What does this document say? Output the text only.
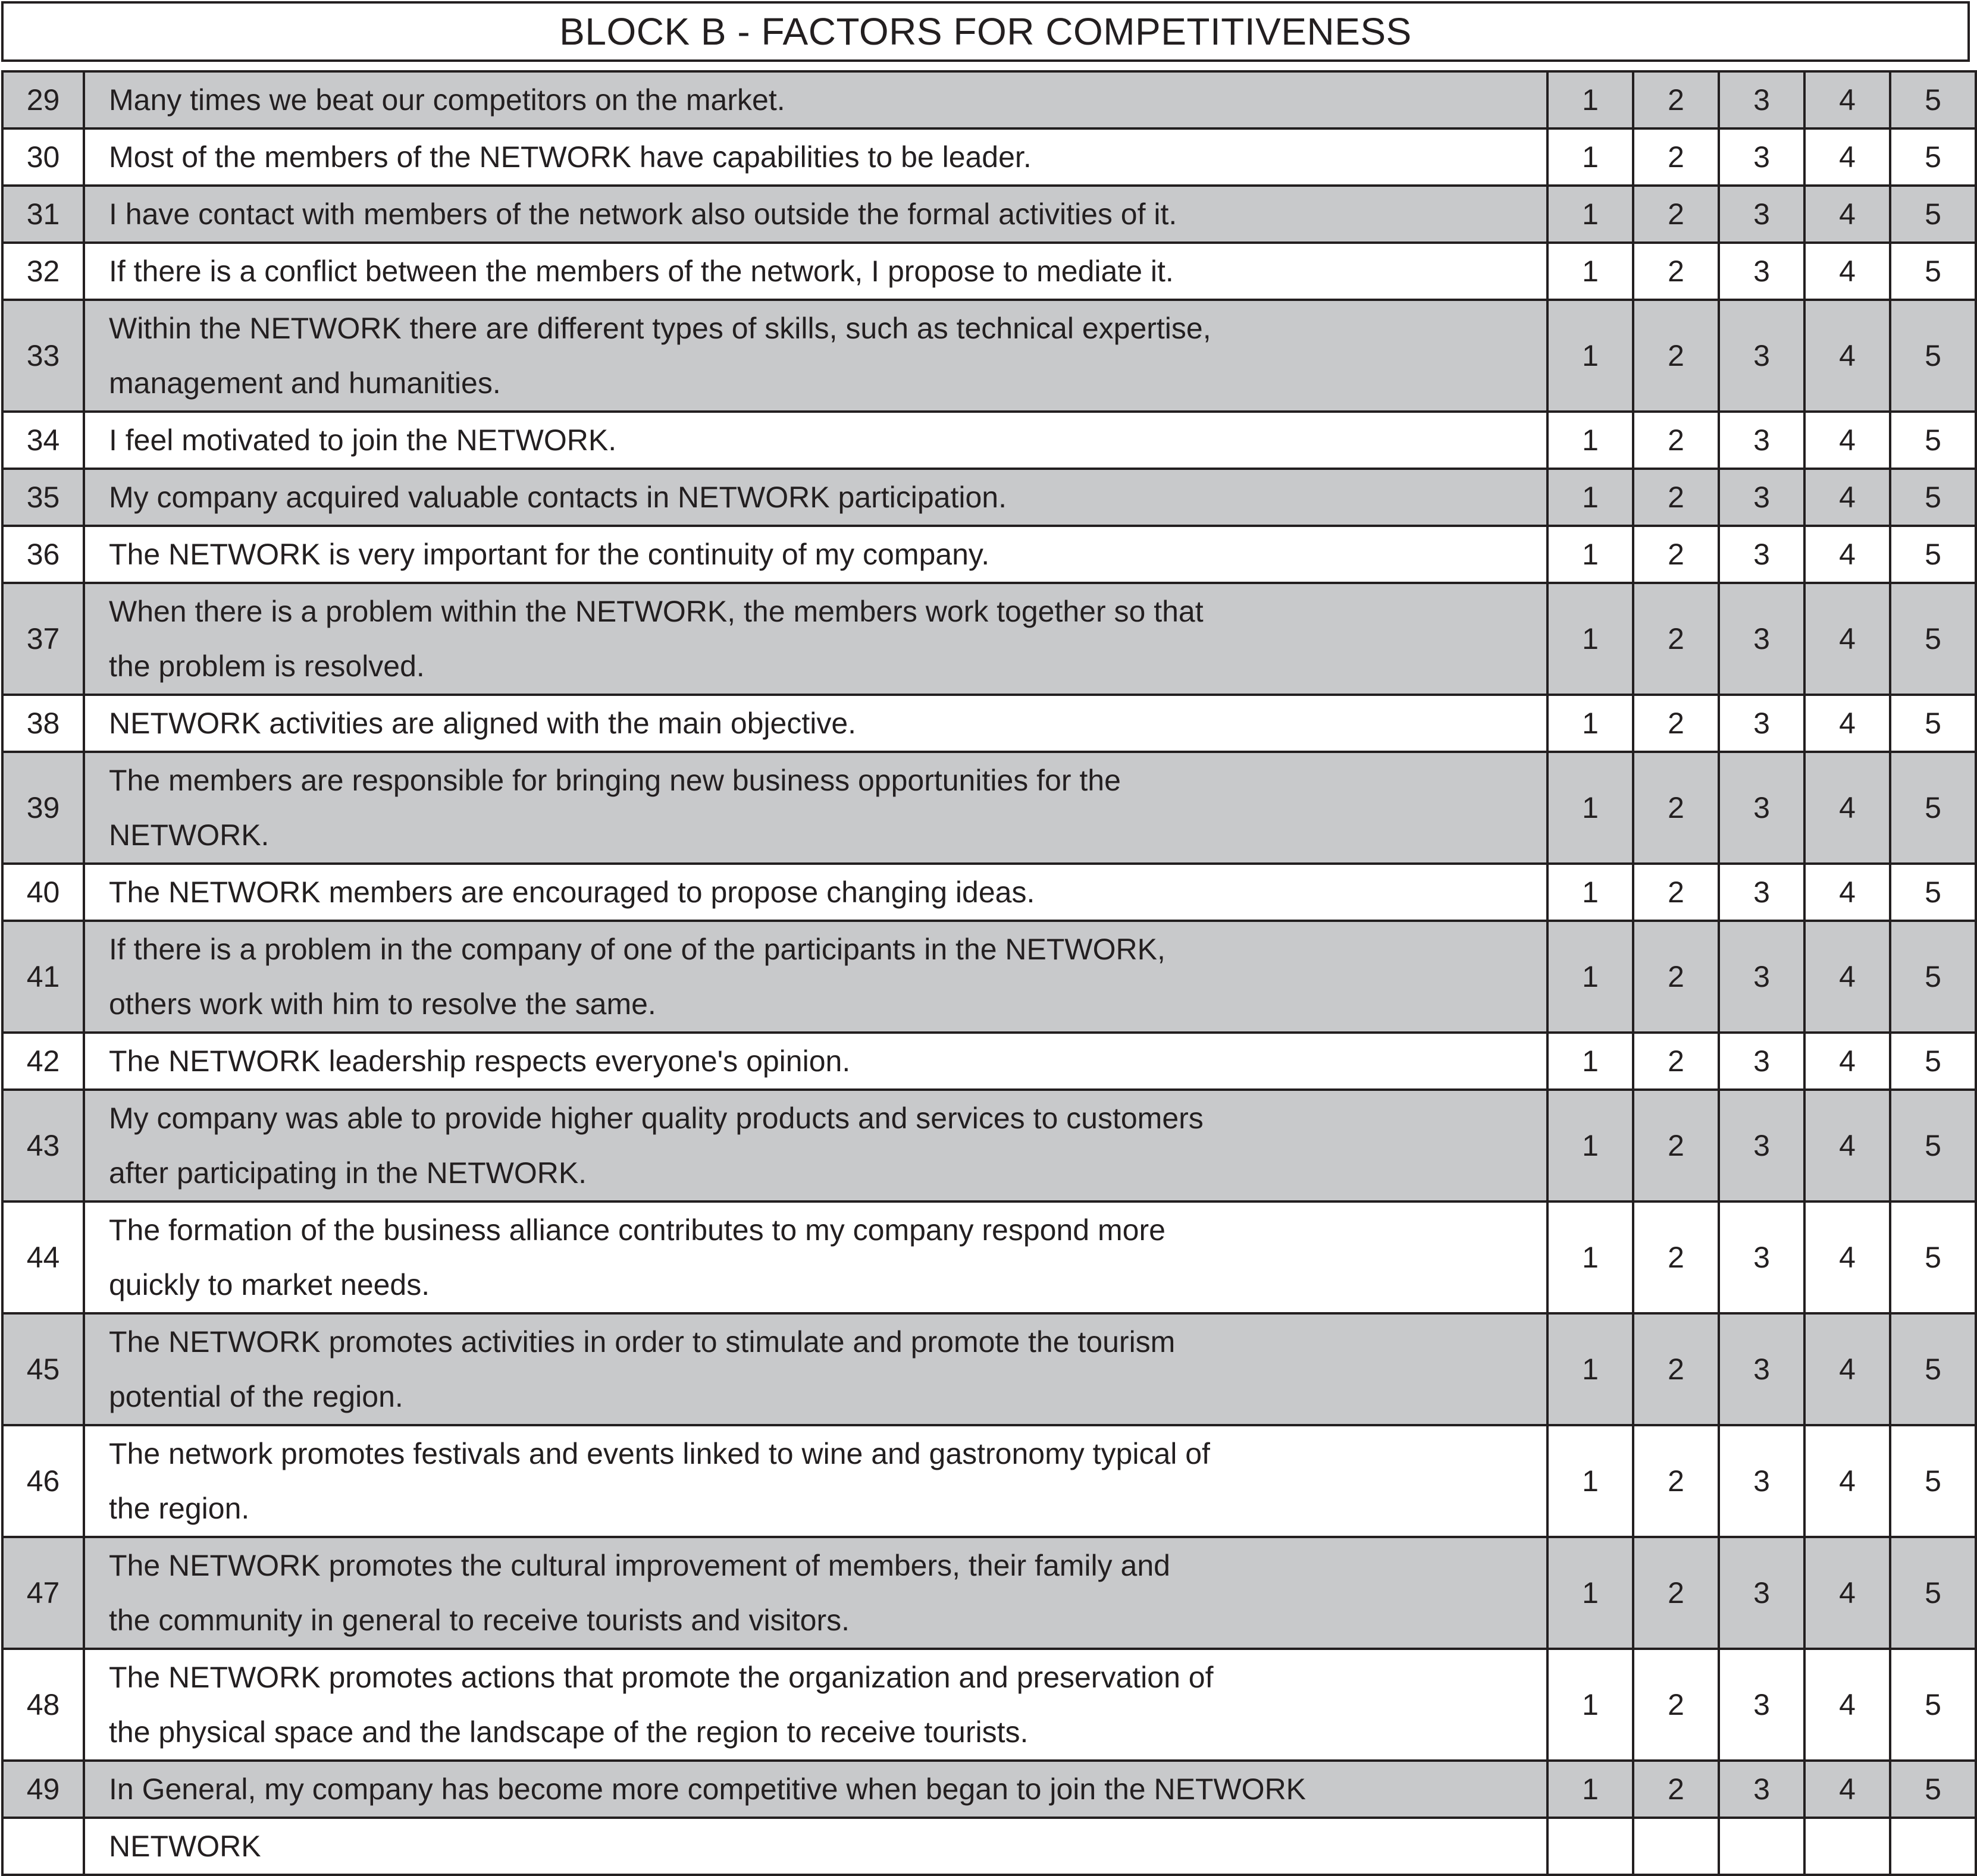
BLOCK B - FACTORS FOR COMPETITIVENESS
29	Many times we beat our competitors on the market.	1	2	3	4	5
30	Most of the members of the NETWORK have capabilities to be leader.	1	2	3	4	5
31	I have contact with members of the network also outside the formal activities of it.	1	2	3	4	5
32	If there is a conflict between the members of the network, I propose to mediate it.	1	2	3	4	5
33	Within the NETWORK there are different types of skills, such as technical expertise,
management and humanities.	1	2	3	4	5
34	I feel motivated to join the NETWORK.	1	2	3	4	5
35	My company acquired valuable contacts in NETWORK participation.	1	2	3	4	5
36	The NETWORK is very important for the continuity of my company.	1	2	3	4	5
37	When there is a problem within the NETWORK, the members work together so that
the problem is resolved.	1	2	3	4	5
38	NETWORK activities are aligned with the main objective.	1	2	3	4	5
39	The members are responsible for bringing new business opportunities for the
NETWORK.	1	2	3	4	5
40	The NETWORK members are encouraged to propose changing ideas.	1	2	3	4	5
41	If there is a problem in the company of one of the participants in the NETWORK,
others work with him to resolve the same.	1	2	3	4	5
42	The NETWORK leadership respects everyone's opinion.	1	2	3	4	5
43	My company was able to provide higher quality products and services to customers
after participating in the NETWORK.	1	2	3	4	5
44	The formation of the business alliance contributes to my company respond more
quickly to market needs.	1	2	3	4	5
45	The NETWORK promotes activities in order to stimulate and promote the tourism
potential of the region.	1	2	3	4	5
46	The network promotes festivals and events linked to wine and gastronomy typical of
the region.	1	2	3	4	5
47	The NETWORK promotes the cultural improvement of members, their family and
the community in general to receive tourists and visitors.	1	2	3	4	5
48	The NETWORK promotes actions that promote the organization and preservation of
the physical space and the landscape of the region to receive tourists.	1	2	3	4	5
49	In General, my company has become more competitive when began to join the NETWORK	1	2	3	4	5

	NETWORK					
